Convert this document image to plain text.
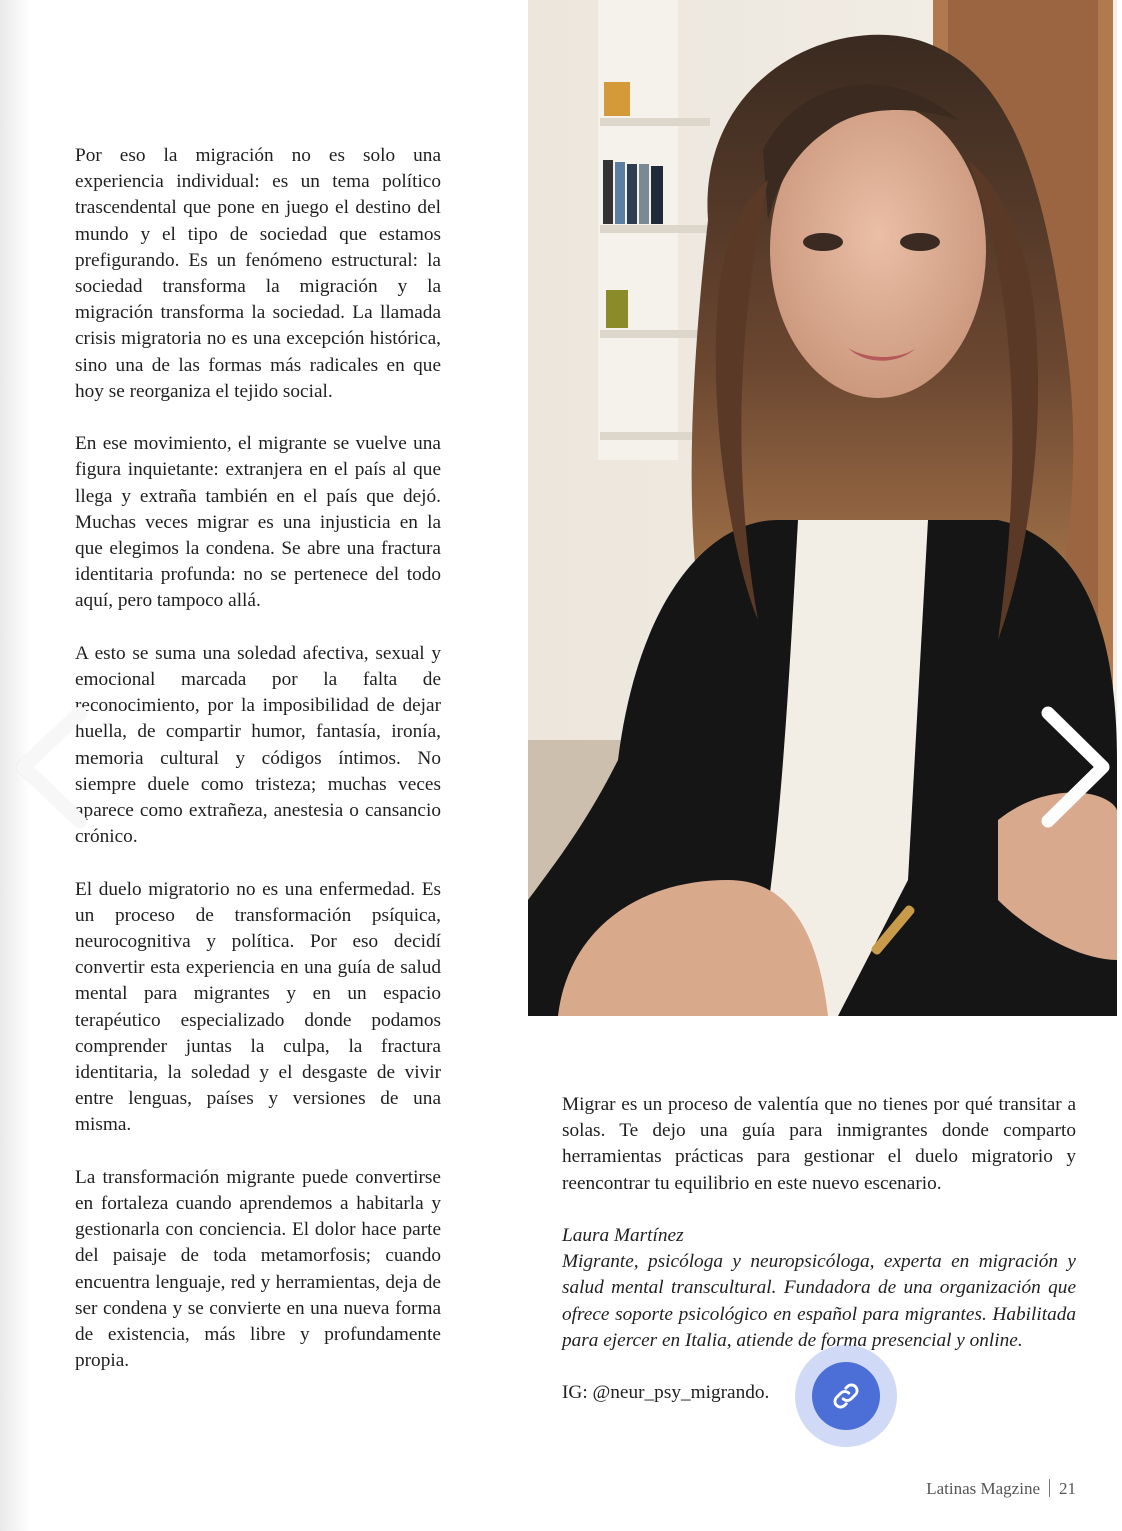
Por eso la migración no es solo una experiencia individual: es un tema político trascendental que pone en juego el destino del mundo y el tipo de sociedad que estamos prefigurando. Es un fenómeno estructural: la sociedad transforma la migración y la migración transforma la sociedad. La llamada crisis migratoria no es una excepción histórica, sino una de las formas más radicales en que hoy se reorganiza el tejido social.

En ese movimiento, el migrante se vuelve una figura inquietante: extranjera en el país al que llega y extraña también en el país que dejó. Muchas veces migrar es una injusticia en la que elegimos la condena. Se abre una fractura identitaria profunda: no se pertenece del todo aquí, pero tampoco allá.

A esto se suma una soledad afectiva, sexual y emocional marcada por la falta de reconocimiento, por la imposibilidad de dejar huella, de compartir humor, fantasía, ironía, memoria cultural y códigos íntimos. No siempre duele como tristeza; muchas veces aparece como extrañeza, anestesia o cansancio crónico.

El duelo migratorio no es una enfermedad. Es un proceso de transformación psíquica, neurocognitiva y política. Por eso decidí convertir esta experiencia en una guía de salud mental para migrantes y en un espacio terapéutico especializado donde podamos comprender juntas la culpa, la fractura identitaria, la soledad y el desgaste de vivir entre lenguas, países y versiones de una misma.

La transformación migrante puede convertirse en fortaleza cuando aprendemos a habitarla y gestionarla con conciencia. El dolor hace parte del paisaje de toda metamorfosis; cuando encuentra lenguaje, red y herramientas, deja de ser condena y se convierte en una nueva forma de existencia, más libre y profundamente propia.

Migrar es un proceso de valentía que no tienes por qué transitar a solas. Te dejo una guía para inmigrantes donde comparto herramientas prácticas para gestionar el duelo migratorio y reencontrar tu equilibrio en este nuevo escenario.

Laura Martínez

Migrante, psicóloga y neuropsicóloga, experta en migración y salud mental transcultural. Fundadora de una organización que ofrece soporte psicológico en español para migrantes. Habilitada para ejercer en Italia, atiende de forma presencial y online.

IG: @neur_psy_migrando.

Latinas Magzine 21
